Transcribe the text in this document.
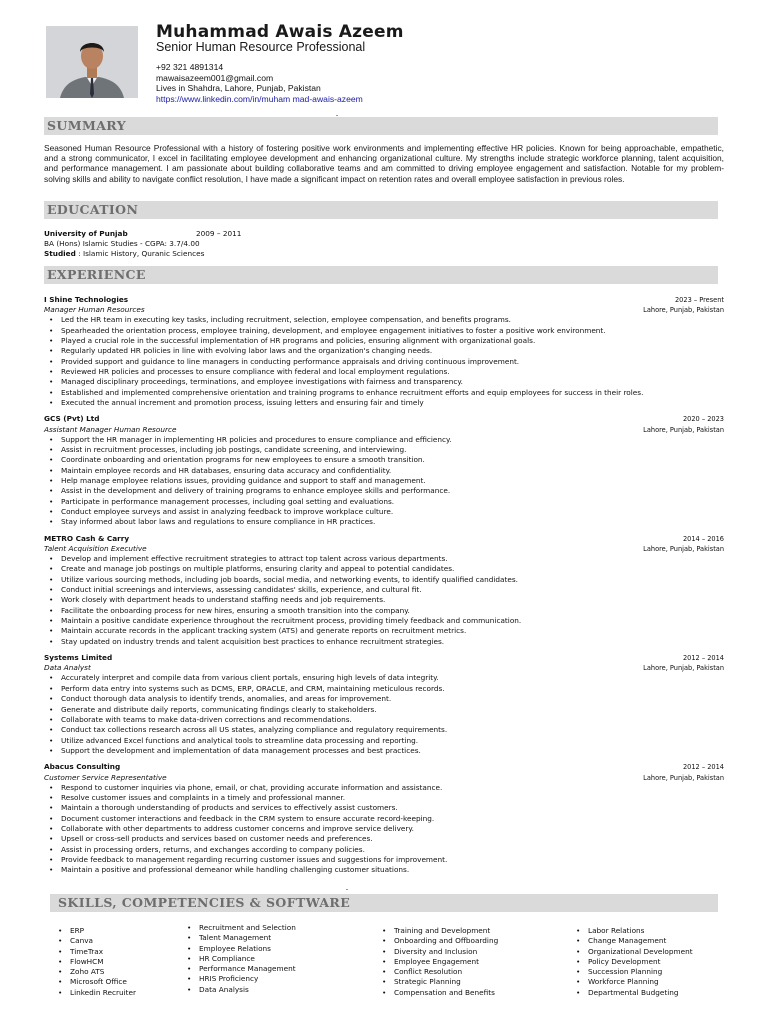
Muhammad Awais Azeem
Senior Human Resource Professional
+92 321 4891314
mawaisazeem001@gmail.com
Lives in Shahdra, Lahore, Punjab, Pakistan
https://www.linkedin.com/in/muham mad-awais-azeem
SUMMARY
Seasoned Human Resource Professional with a history of fostering positive work environments and implementing effective HR policies. Known for being approachable, empathetic, and a strong communicator, I excel in facilitating employee development and enhancing organizational culture. My strengths include strategic workforce planning, talent acquisition, and performance management. I am passionate about building collaborative teams and am committed to driving employee engagement and satisfaction. Notable for my problem-solving skills and ability to navigate conflict resolution, I have made a significant impact on retention rates and overall employee satisfaction in previous roles.
EDUCATION
University of Punjab	2009 – 2011
BA (Hons) Islamic Studies - CGPA: 3.7/4.00
Studied : Islamic History, Quranic Sciences
EXPERIENCE
I Shine Technologies	2023 – Present
Manager Human Resources	Lahore, Punjab, Pakistan
• Led the HR team in executing key tasks, including recruitment, selection, employee compensation, and benefits programs.
• Spearheaded the orientation process, employee training, development, and employee engagement initiatives to foster a positive work environment.
• Played a crucial role in the successful implementation of HR programs and policies, ensuring alignment with organizational goals.
• Regularly updated HR policies in line with evolving labor laws and the organization's changing needs.
• Provided support and guidance to line managers in conducting performance appraisals and driving continuous improvement.
• Reviewed HR policies and processes to ensure compliance with federal and local employment regulations.
• Managed disciplinary proceedings, terminations, and employee investigations with fairness and transparency.
• Established and implemented comprehensive orientation and training programs to enhance recruitment efforts and equip employees for success in their roles.
• Executed the annual increment and promotion process, issuing letters and ensuring fair and timely
GCS (Pvt) Ltd	2020 – 2023
Assistant Manager Human Resource	Lahore, Punjab, Pakistan
• Support the HR manager in implementing HR policies and procedures to ensure compliance and efficiency.
• Assist in recruitment processes, including job postings, candidate screening, and interviewing.
• Coordinate onboarding and orientation programs for new employees to ensure a smooth transition.
• Maintain employee records and HR databases, ensuring data accuracy and confidentiality.
• Help manage employee relations issues, providing guidance and support to staff and management.
• Assist in the development and delivery of training programs to enhance employee skills and performance.
• Participate in performance management processes, including goal setting and evaluations.
• Conduct employee surveys and assist in analyzing feedback to improve workplace culture.
• Stay informed about labor laws and regulations to ensure compliance in HR practices.
METRO Cash & Carry	2014 – 2016
Talent Acquisition Executive	Lahore, Punjab, Pakistan
• Develop and implement effective recruitment strategies to attract top talent across various departments.
• Create and manage job postings on multiple platforms, ensuring clarity and appeal to potential candidates.
• Utilize various sourcing methods, including job boards, social media, and networking events, to identify qualified candidates.
• Conduct initial screenings and interviews, assessing candidates' skills, experience, and cultural fit.
• Work closely with department heads to understand staffing needs and job requirements.
• Facilitate the onboarding process for new hires, ensuring a smooth transition into the company.
• Maintain a positive candidate experience throughout the recruitment process, providing timely feedback and communication.
• Maintain accurate records in the applicant tracking system (ATS) and generate reports on recruitment metrics.
• Stay updated on industry trends and talent acquisition best practices to enhance recruitment strategies.
Systems Limited	2012 – 2014
Data Analyst	Lahore, Punjab, Pakistan
• Accurately interpret and compile data from various client portals, ensuring high levels of data integrity.
• Perform data entry into systems such as DCMS, ERP, ORACLE, and CRM, maintaining meticulous records.
• Conduct thorough data analysis to identify trends, anomalies, and areas for improvement.
• Generate and distribute daily reports, communicating findings clearly to stakeholders.
• Collaborate with teams to make data-driven corrections and recommendations.
• Conduct tax collections research across all US states, analyzing compliance and regulatory requirements.
• Utilize advanced Excel functions and analytical tools to streamline data processing and reporting.
• Support the development and implementation of data management processes and best practices.
Abacus Consulting	2012 – 2014
Customer Service Representative	Lahore, Punjab, Pakistan
• Respond to customer inquiries via phone, email, or chat, providing accurate information and assistance.
• Resolve customer issues and complaints in a timely and professional manner.
• Maintain a thorough understanding of products and services to effectively assist customers.
• Document customer interactions and feedback in the CRM system to ensure accurate record-keeping.
• Collaborate with other departments to address customer concerns and improve service delivery.
• Upsell or cross-sell products and services based on customer needs and preferences.
• Assist in processing orders, returns, and exchanges according to company policies.
• Provide feedback to management regarding recurring customer issues and suggestions for improvement.
• Maintain a positive and professional demeanor while handling challenging customer situations.
SKILLS, COMPETENCIES & SOFTWARE
• ERP
• Canva
• TimeTrax
• FlowHCM
• Zoho ATS
• Microsoft Office
• Linkedin Recruiter
• Recruitment and Selection
• Talent Management
• Employee Relations
• HR Compliance
• Performance Management
• HRIS Proficiency
• Data Analysis
• Training and Development
• Onboarding and Offboarding
• Diversity and Inclusion
• Employee Engagement
• Conflict Resolution
• Strategic Planning
• Compensation and Benefits
• Labor Relations
• Change Management
• Organizational Development
• Policy Development
• Succession Planning
• Workforce Planning
• Departmental Budgeting
